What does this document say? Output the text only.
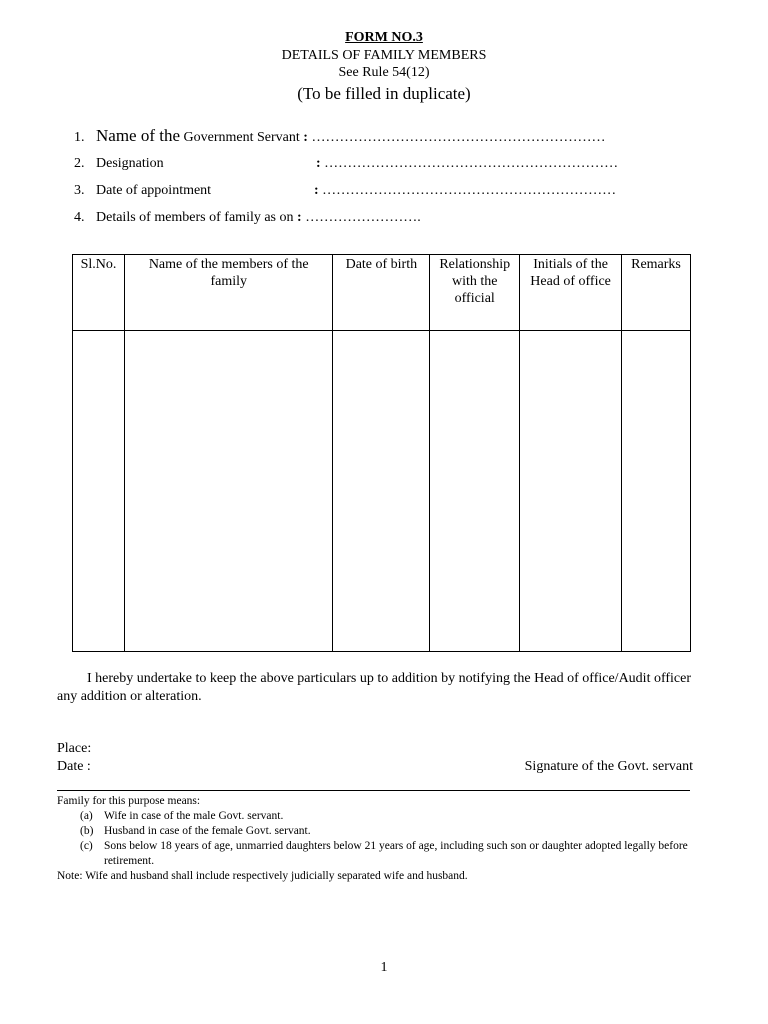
FORM NO.3
DETAILS OF FAMILY MEMBERS
See Rule 54(12)
(To be filled in duplicate)
1. Name of the Government Servant : ………………………………………………………
2. Designation	: ………………………………………………………
3. Date of appointment	: ………………………………………………………
4. Details of members of family as on : …………………….
Sl.No.	Name of the members of the family	Date of birth	Relationship with the official	Initials of the Head of office	Remarks

I hereby undertake to keep the above particulars up to addition by notifying the Head of office/Audit officer any addition or alteration.
Place:
Date :	Signature of the Govt. servant
Family for this purpose means:
(a) Wife in case of the male Govt. servant.
(b) Husband in case of the female Govt. servant.
(c) Sons below 18 years of age, unmarried daughters below 21 years of age, including such son or daughter adopted legally before retirement.
Note: Wife and husband shall include respectively judicially separated wife and husband.
1
